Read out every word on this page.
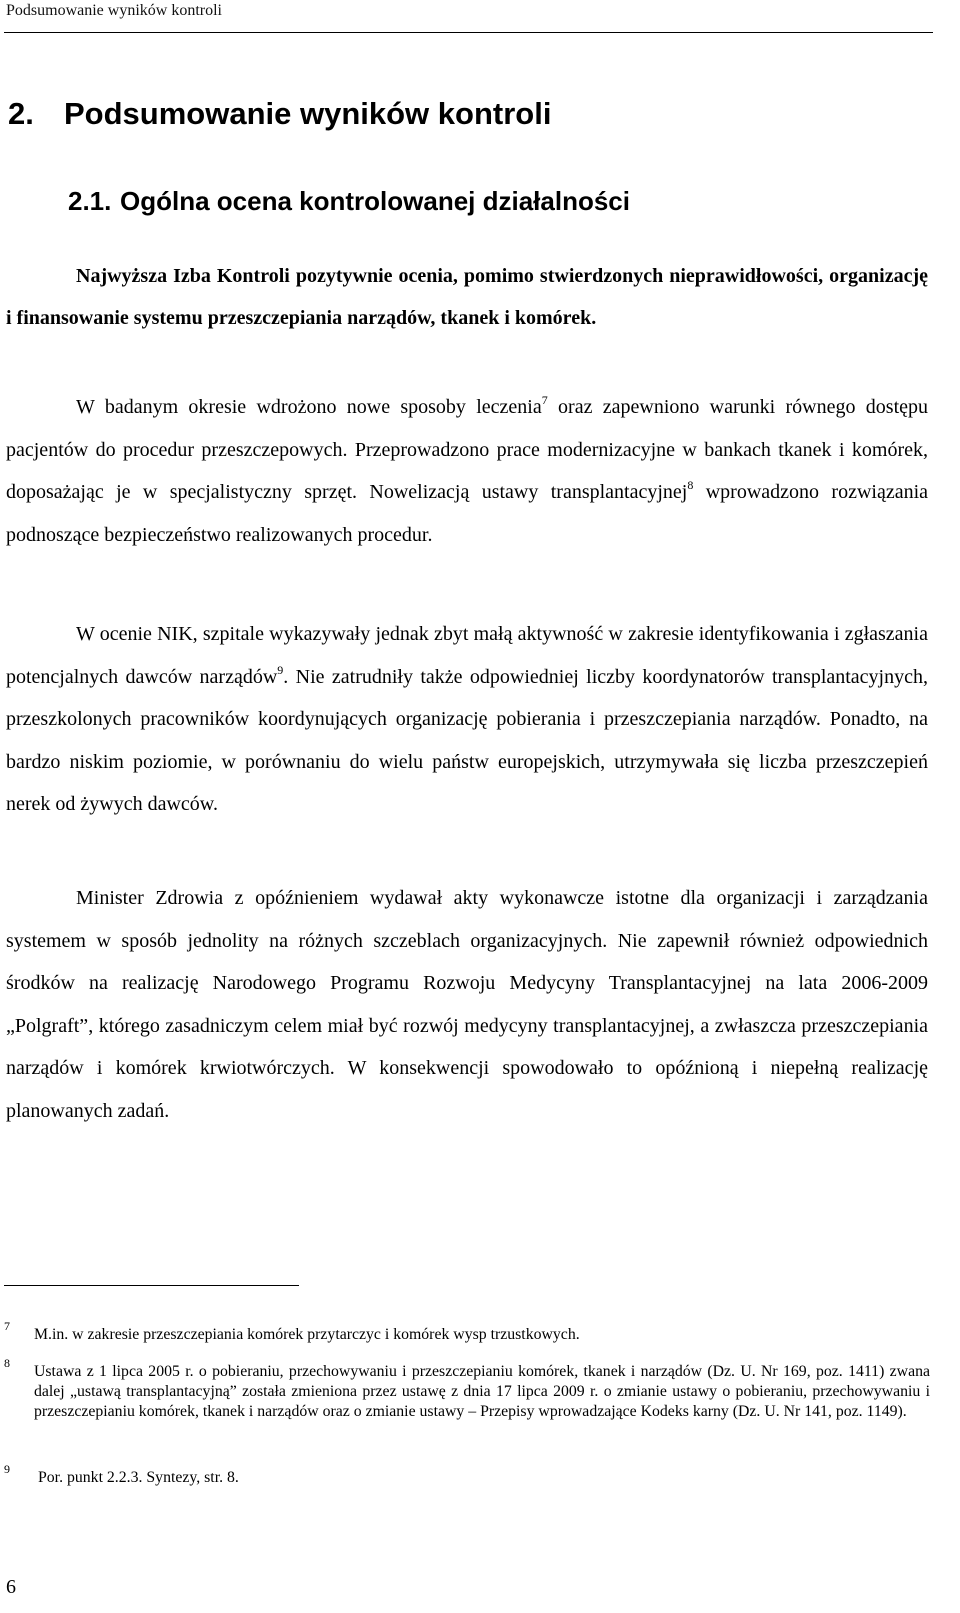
Podsumowanie wyników kontroli
2. Podsumowanie wyników kontroli
2.1. Ogólna ocena kontrolowanej działalności

Najwyższa Izba Kontroli pozytywnie ocenia, pomimo stwierdzonych nieprawidłowości, organizację i finansowanie systemu przeszczepiania narządów, tkanek i komórek.

W badanym okresie wdrożono nowe sposoby leczenia$^7$ oraz zapewniono warunki równego dostępu pacjentów do procedur przeszczepowych. Przeprowadzono prace modernizacyjne w bankach tkanek i komórek, doposażając je w specjalistyczny sprzęt. Nowelizacją ustawy transplantacyjnej$^8$ wprowadzono rozwiązania podnoszące bezpieczeństwo realizowanych procedur.

W ocenie NIK, szpitale wykazywały jednak zbyt małą aktywność w zakresie identyfikowania i zgłaszania potencjalnych dawców narządów$^9$. Nie zatrudniły także odpowiedniej liczby koordynatorów transplantacyjnych, przeszkolonych pracowników koordynujących organizację pobierania i przeszczepiania narządów. Ponadto, na bardzo niskim poziomie, w porównaniu do wielu państw europejskich, utrzymywała się liczba przeszczepień nerek od żywych dawców.

Minister Zdrowia z opóźnieniem wydawał akty wykonawcze istotne dla organizacji i zarządzania systemem w sposób jednolity na różnych szczeblach organizacyjnych. Nie zapewnił również odpowiednich środków na realizację Narodowego Programu Rozwoju Medycyny Transplantacyjnej na lata 2006-2009 „Polgraft”, którego zasadniczym celem miał być rozwój medycyny transplantacyjnej, a zwłaszcza przeszczepiania narządów i komórek krwiotwórczych. W konsekwencji spowodowało to opóźnioną i niepełną realizację planowanych zadań.

7	M.in. w zakresie przeszczepiania komórek przytarczyc i komórek wysp trzustkowych.
8	Ustawa z 1 lipca 2005 r. o pobieraniu, przechowywaniu i przeszczepianiu komórek, tkanek i narządów (Dz. U. Nr 169, poz. 1411) zwana dalej „ustawą transplantacyjną” została zmieniona przez ustawę z dnia 17 lipca 2009 r. o zmianie ustawy o pobieraniu, przechowywaniu i przeszczepianiu komórek, tkanek i narządów oraz o zmianie ustawy – Przepisy wprowadzające Kodeks karny (Dz. U. Nr 141, poz. 1149).
9	Por. punkt 2.2.3. Syntezy, str. 8.
6
